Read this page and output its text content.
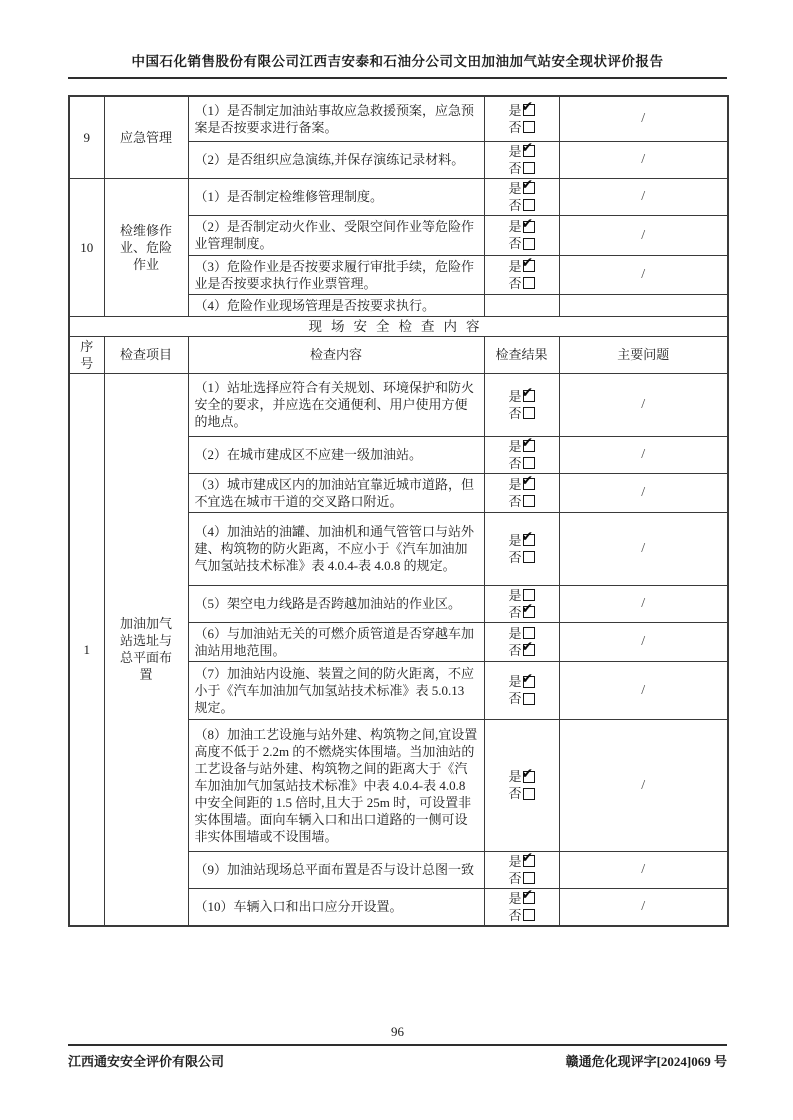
中国石化销售股份有限公司江西吉安泰和石油分公司文田加油加气站安全现状评价报告
9	应急管理	（1）是否制定加油站事故应急救援预案，应急预案是否按要求进行备案。	是
✔
否	/
		（2）是否组织应急演练,并保存演练记录材料。	是
✔
否	/
10	检维修作业、危险作业	（1）是否制定检维修管理制度。	是
✔
否	/
		（2）是否制定动火作业、受限空间作业等危险作业管理制度。	是
✔
否	/
		（3）危险作业是否按要求履行审批手续，危险作业是否按要求执行作业票管理。	是
✔
否	/
		（4）危险作业现场管理是否按要求执行。		
现场安全检查内容				
序号	检查项目	检查内容	检查结果	主要问题
1	加油加气站选址与总平面布置	（1）站址选择应符合有关规划、环境保护和防火安全的要求，并应选在交通便利、用户使用方便的地点。	是
✔
否	/
		（2）在城市建成区不应建一级加油站。	是
✔
否	/
		（3）城市建成区内的加油站宜靠近城市道路，但不宜选在城市干道的交叉路口附近。	是
✔
否	/
		（4）加油站的油罐、加油机和通气管管口与站外建、构筑物的防火距离，不应小于《汽车加油加气加氢站技术标准》表 4.0.4-表 4.0.8 的规定。	是
✔
否	/
		（5）架空电力线路是否跨越加油站的作业区。	是
否
✔	/
		（6）与加油站无关的可燃介质管道是否穿越车加油站用地范围。	是
否
✔	/
		（7）加油站内设施、装置之间的防火距离，不应小于《汽车加油加气加氢站技术标准》表 5.0.13 规定。	是
✔
否	/
		（8）加油工艺设施与站外建、构筑物之间,宜设置高度不低于 2.2m 的不燃烧实体围墙。当加油站的工艺设备与站外建、构筑物之间的距离大于《汽车加油加气加氢站技术标准》中表 4.0.4-表 4.0.8 中安全间距的 1.5 倍时,且大于 25m 时，可设置非实体围墙。面向车辆入口和出口道路的一侧可设非实体围墙或不设围墙。	是
✔
否	/
		（9）加油站现场总平面布置是否与设计总图一致	是
✔
否	/
		（10）车辆入口和出口应分开设置。	是
✔
否	/
96
江西通安安全评价有限公司	赣通危化现评字[2024]069 号
